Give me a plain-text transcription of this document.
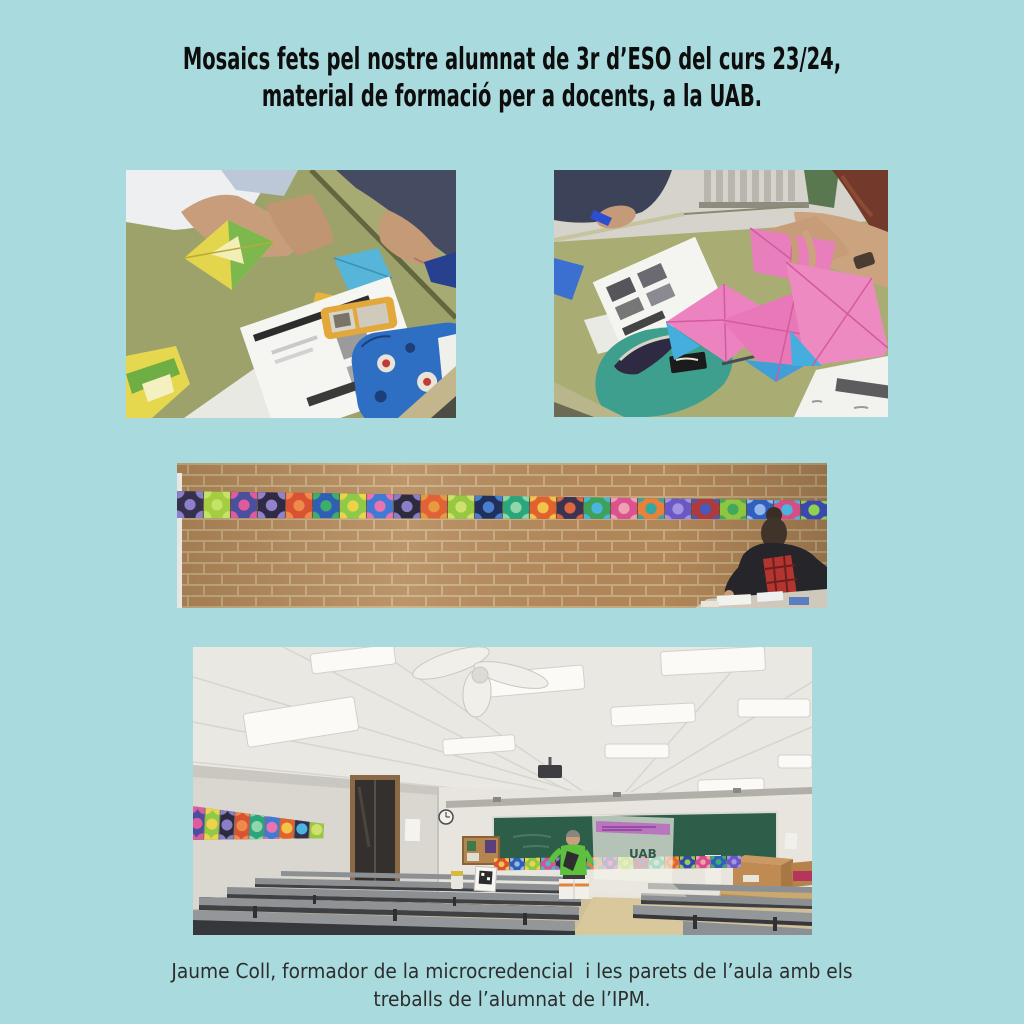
Mosaics fets pel nostre alumnat de 3r d’ESO del curs 23/24,
material de formació per a docents, a la UAB.
UAB
Jaume Coll, formador de la microcredencial  i les parets de l’aula amb els
treballs de l’alumnat de l’IPM.
